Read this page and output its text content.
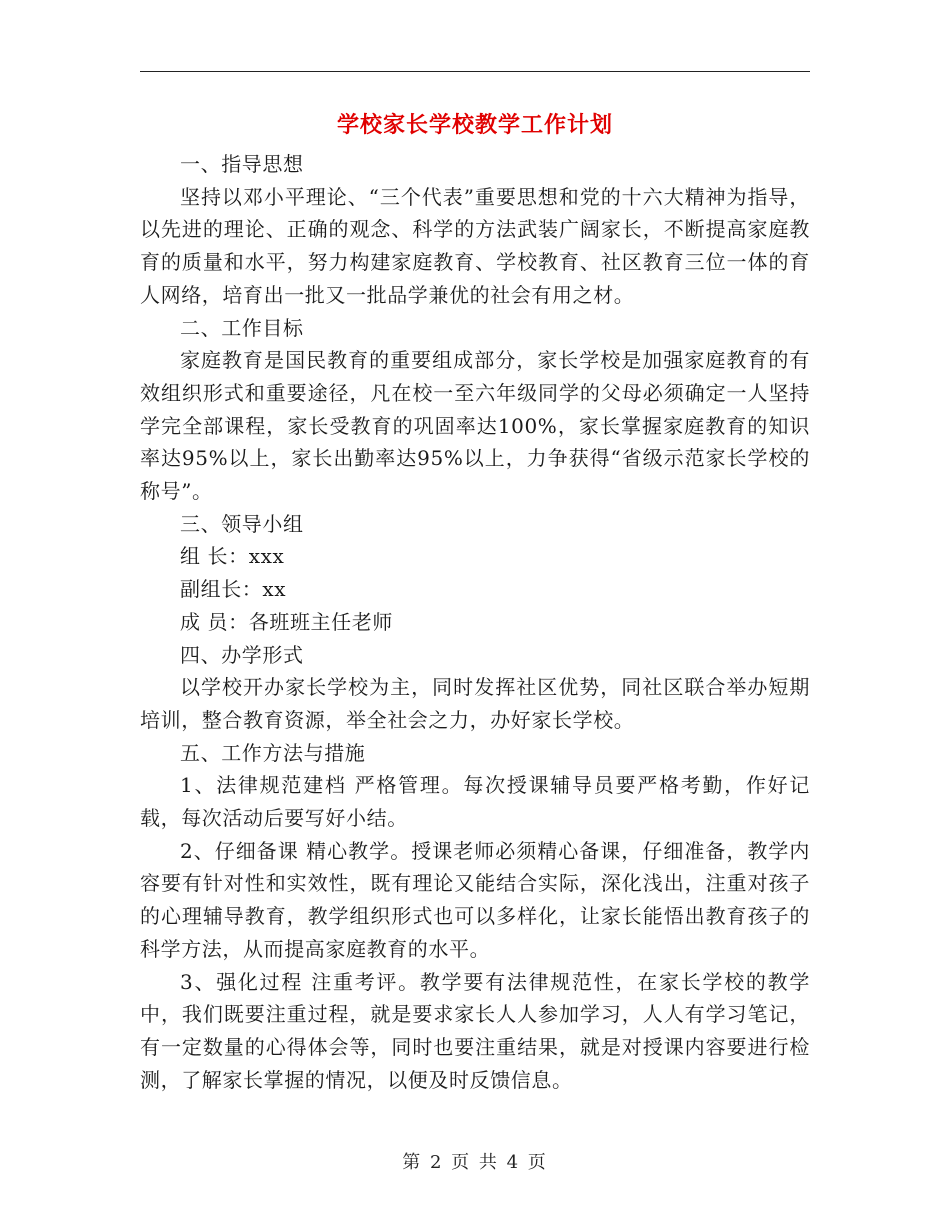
学校家长学校教学工作计划

一、指导思想

坚持以邓小平理论、“三个代表”重要思想和党的十六大精神为指导，以先进的理论、正确的观念、科学的方法武装广阔家长，不断提高家庭教育的质量和水平，努力构建家庭教育、学校教育、社区教育三位一体的育人网络，培育出一批又一批品学兼优的社会有用之材。

二、工作目标

家庭教育是国民教育的重要组成部分，家长学校是加强家庭教育的有效组织形式和重要途径，凡在校一至六年级同学的父母必须确定一人坚持学完全部课程，家长受教育的巩固率达100%，家长掌握家庭教育的知识率达95%以上，家长出勤率达95%以上，力争获得“省级示范家长学校的称号”。

三、领导小组

组 长：xxx

副组长：xx

成 员：各班班主任老师

四、办学形式

以学校开办家长学校为主，同时发挥社区优势，同社区联合举办短期培训，整合教育资源，举全社会之力，办好家长学校。

五、工作方法与措施

1、法律规范建档 严格管理。每次授课辅导员要严格考勤，作好记载，每次活动后要写好小结。

2、仔细备课 精心教学。授课老师必须精心备课，仔细准备，教学内容要有针对性和实效性，既有理论又能结合实际，深化浅出，注重对孩子的心理辅导教育，教学组织形式也可以多样化，让家长能悟出教育孩子的科学方法，从而提高家庭教育的水平。

3、强化过程 注重考评。教学要有法律规范性，在家长学校的教学中，我们既要注重过程，就是要求家长人人参加学习，人人有学习笔记，有一定数量的心得体会等，同时也要注重结果，就是对授课内容要进行检测，了解家长掌握的情况，以便及时反馈信息。

第 2 页 共 4 页
